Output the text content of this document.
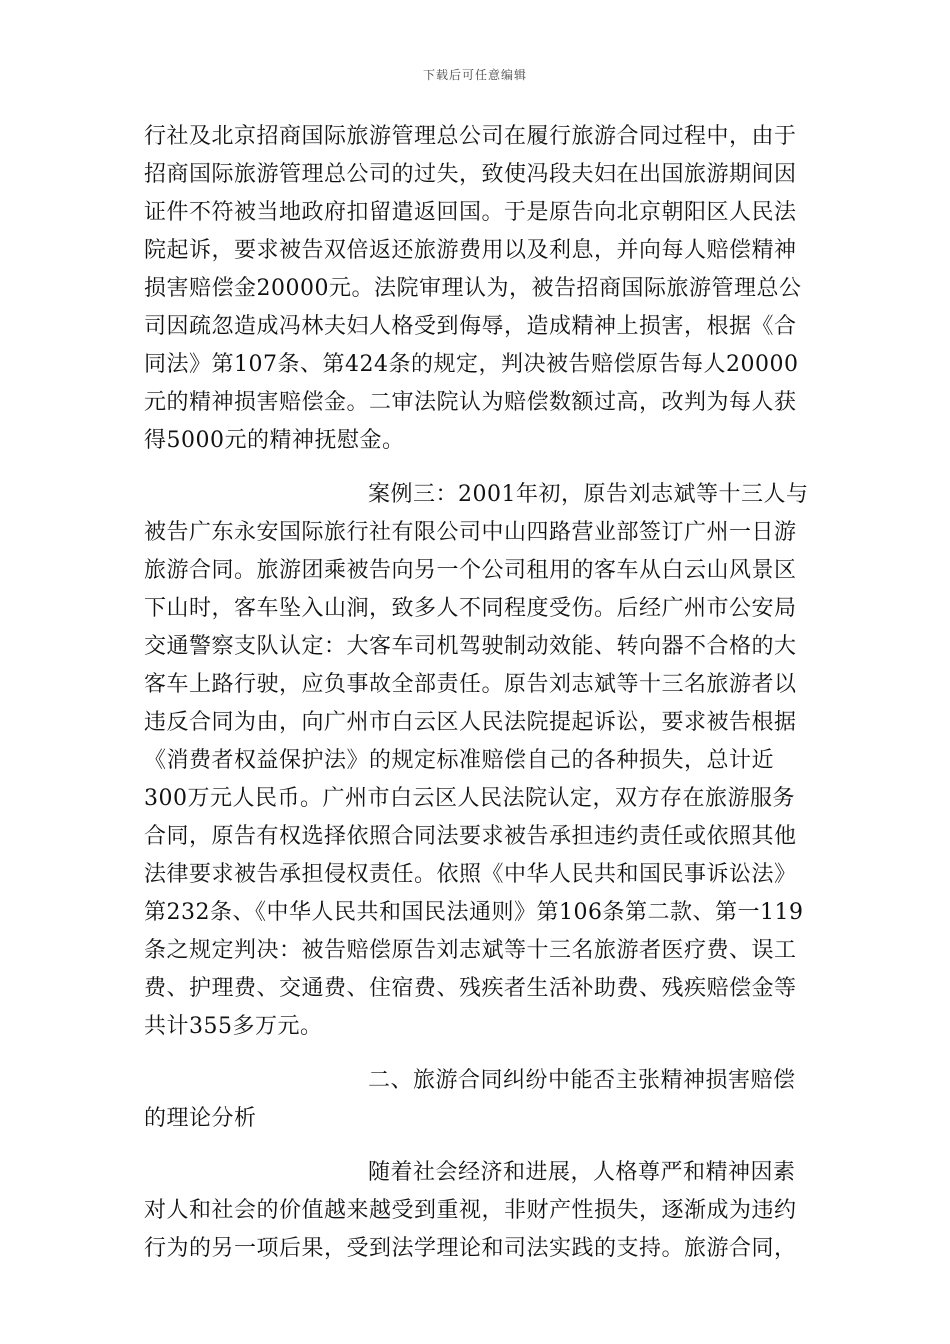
下载后可任意编辑
行社及北京招商国际旅游管理总公司在履行旅游合同过程中，由于
招商国际旅游管理总公司的过失，致使冯段夫妇在出国旅游期间因
证件不符被当地政府扣留遣返回国。于是原告向北京朝阳区人民法
院起诉，要求被告双倍返还旅游费用以及利息，并向每人赔偿精神
损害赔偿金20000元。法院审理认为，被告招商国际旅游管理总公
司因疏忽造成冯林夫妇人格受到侮辱，造成精神上损害，根据《合
同法》第107条、第424条的规定，判决被告赔偿原告每人20000
元的精神损害赔偿金。二审法院认为赔偿数额过高，改判为每人获
得5000元的精神抚慰金。
案例三：2001年初，原告刘志斌等十三人与
被告广东永安国际旅行社有限公司中山四路营业部签订广州一日游
旅游合同。旅游团乘被告向另一个公司租用的客车从白云山风景区
下山时，客车坠入山涧，致多人不同程度受伤。后经广州市公安局
交通警察支队认定：大客车司机驾驶制动效能、转向器不合格的大
客车上路行驶，应负事故全部责任。原告刘志斌等十三名旅游者以
违反合同为由，向广州市白云区人民法院提起诉讼，要求被告根据
《消费者权益保护法》的规定标准赔偿自己的各种损失，总计近
300万元人民币。广州市白云区人民法院认定，双方存在旅游服务
合同，原告有权选择依照合同法要求被告承担违约责任或依照其他
法律要求被告承担侵权责任。依照《中华人民共和国民事诉讼法》
第232条、《中华人民共和国民法通则》第106条第二款、第一119
条之规定判决：被告赔偿原告刘志斌等十三名旅游者医疗费、误工
费、护理费、交通费、住宿费、残疾者生活补助费、残疾赔偿金等
共计355多万元。
二、旅游合同纠纷中能否主张精神损害赔偿
的理论分析
随着社会经济和进展，人格尊严和精神因素
对人和社会的价值越来越受到重视，非财产性损失，逐渐成为违约
行为的另一项后果，受到法学理论和司法实践的支持。旅游合同，
